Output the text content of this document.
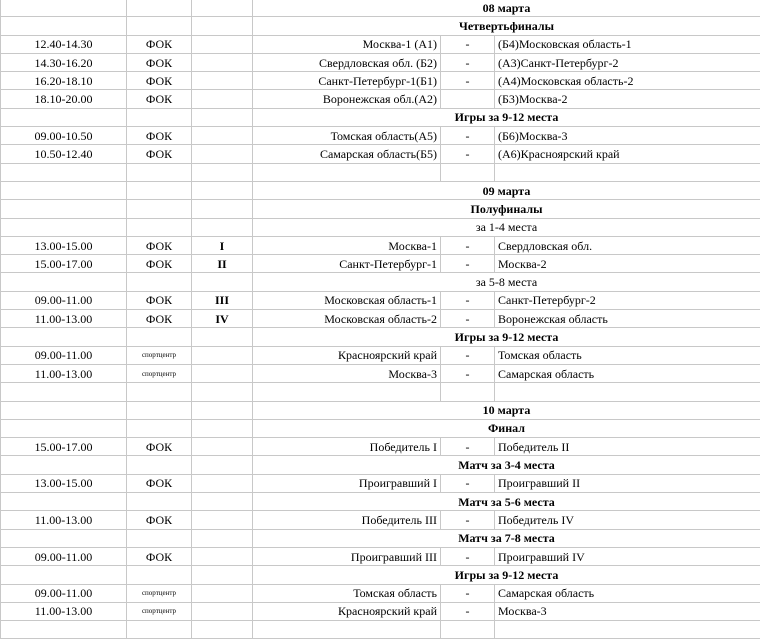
			08 марта		
			Четвертьфиналы		
12.40-14.30	ФОК		Москва-1 (А1)	-	(Б4)Московская область-1
14.30-16.20	ФОК		Свердловская обл. (Б2)	-	(А3)Санкт-Петербург-2
16.20-18.10	ФОК		Санкт-Петербург-1(Б1)	-	(А4)Московская область-2
18.10-20.00	ФОК		Воронежская обл.(А2)		(Б3)Москва-2
			Игры за 9-12 места		
09.00-10.50	ФОК		Томская область(А5)	-	(Б6)Москва-3
10.50-12.40	ФОК		Самарская область(Б5)	-	(А6)Красноярский край

			09 марта		
			Полуфиналы		
			за 1-4 места		
13.00-15.00	ФОК	I	Москва-1	-	Свердловская обл.
15.00-17.00	ФОК	II	Санкт-Петербург-1	-	Москва-2
			за 5-8 места		
09.00-11.00	ФОК	III	Московская область-1	-	Санкт-Петербург-2
11.00-13.00	ФОК	IV	Московская область-2	-	Воронежская область
			Игры за 9-12 места		
09.00-11.00	спортцентр		Красноярский край	-	Томская область
11.00-13.00	спортцентр		Москва-3	-	Самарская область

			10 марта		
			Финал		
15.00-17.00	ФОК		Победитель I	-	Победитель II
			Матч за 3-4 места		
13.00-15.00	ФОК		Проигравший I	-	Проигравший II
			Матч за 5-6 места		
11.00-13.00	ФОК		Победитель III	-	Победитель IV
			Матч за 7-8 места		
09.00-11.00	ФОК		Проигравший III	-	Проигравший IV
			Игры за 9-12 места		
09.00-11.00	спортцентр		Томская область	-	Самарская область
11.00-13.00	спортцентр		Красноярский край	-	Москва-3
